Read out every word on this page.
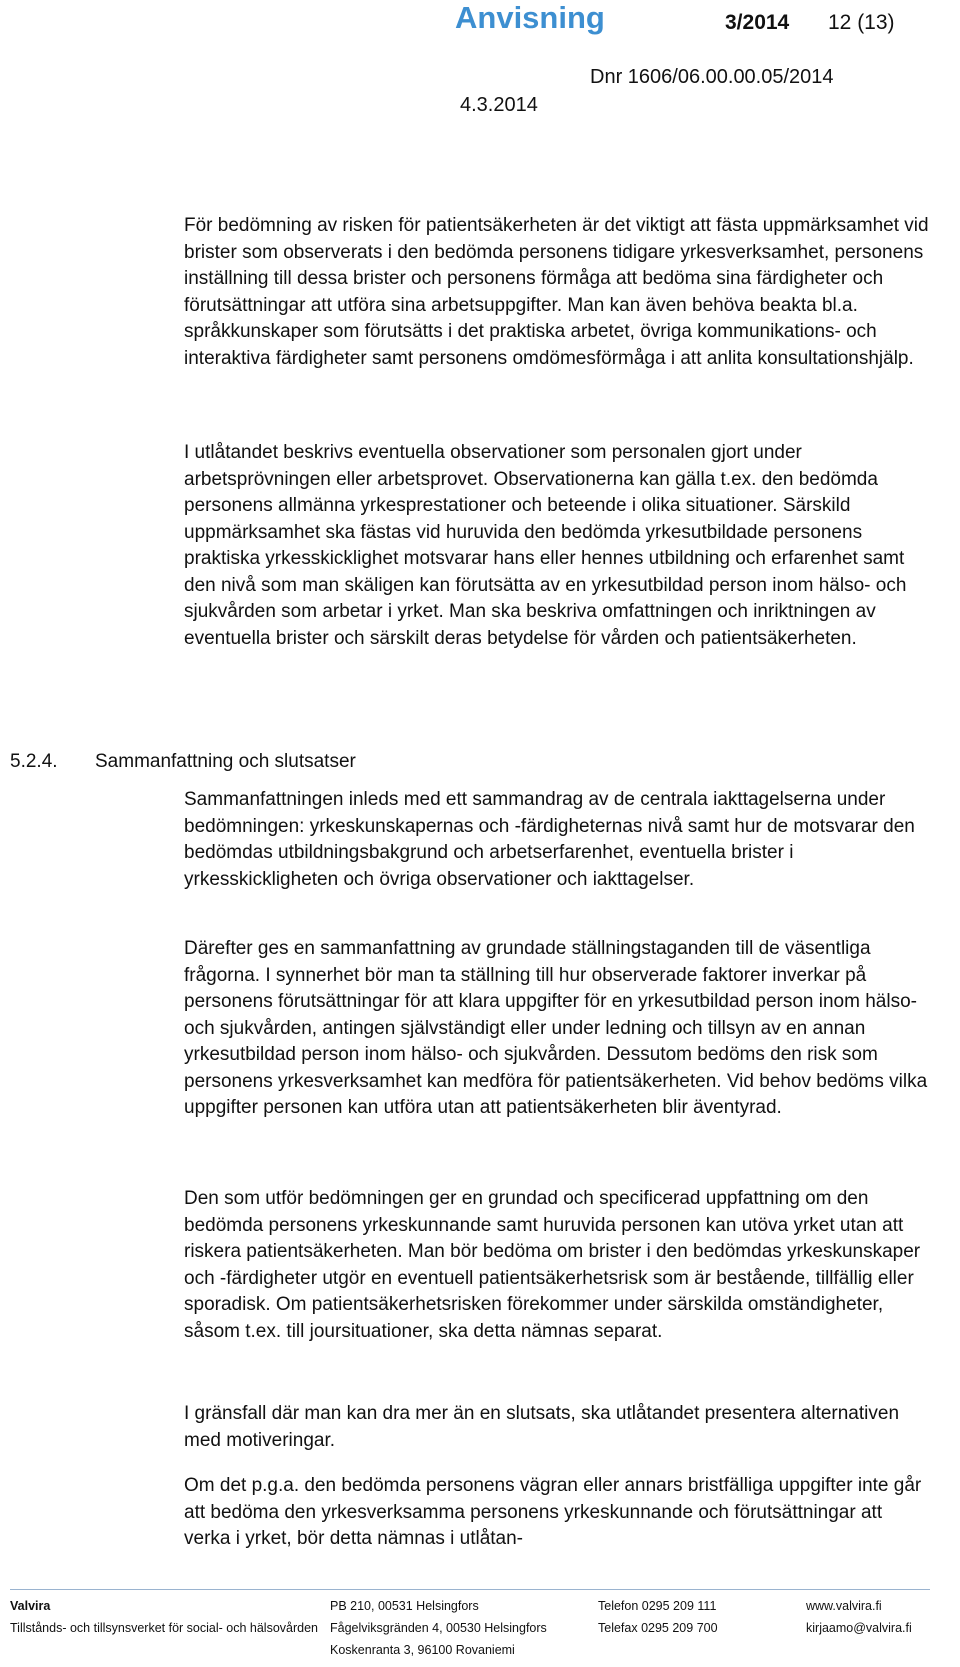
Anvisning	3/2014 12 (13)
Dnr 1606/06.00.00.05/2014
4.3.2014

För bedömning av risken för patientsäkerheten är det viktigt att fästa uppmärksamhet vid brister som observerats i den bedömda personens tidigare yrkesverksamhet, personens inställning till dessa brister och personens förmåga att bedöma sina färdigheter och förutsättningar att utföra sina arbetsuppgifter. Man kan även behöva beakta bl.a. språkkunskaper som förutsätts i det praktiska arbetet, övriga kommunikations- och interaktiva färdigheter samt personens omdömesförmåga i att anlita konsultationshjälp.

I utlåtandet beskrivs eventuella observationer som personalen gjort under arbetsprövningen eller arbetsprovet. Observationerna kan gälla t.ex. den bedömda personens allmänna yrkesprestationer och beteende i olika situationer. Särskild uppmärksamhet ska fästas vid huruvida den bedömda yrkesutbildade personens praktiska yrkesskicklighet motsvarar hans eller hennes utbildning och erfarenhet samt den nivå som man skäligen kan förutsätta av en yrkesutbildad person inom hälso- och sjukvården som arbetar i yrket. Man ska beskriva omfattningen och inriktningen av eventuella brister och särskilt deras betydelse för vården och patientsäkerheten.

5.2.4. Sammanfattning och slutsatser

Sammanfattningen inleds med ett sammandrag av de centrala iakttagelserna under bedömningen: yrkeskunskapernas och -färdigheternas nivå samt hur de motsvarar den bedömdas utbildningsbakgrund och arbetserfarenhet, eventuella brister i yrkesskickligheten och övriga observationer och iakttagelser.

Därefter ges en sammanfattning av grundade ställningstaganden till de väsentliga frågorna. I synnerhet bör man ta ställning till hur observerade faktorer inverkar på personens förutsättningar för att klara uppgifter för en yrkesutbildad person inom hälso- och sjukvården, antingen självständigt eller under ledning och tillsyn av en annan yrkesutbildad person inom hälso- och sjukvården. Dessutom bedöms den risk som personens yrkesverksamhet kan medföra för patientsäkerheten. Vid behov bedöms vilka uppgifter personen kan utföra utan att patientsäkerheten blir äventyrad.

Den som utför bedömningen ger en grundad och specificerad uppfattning om den bedömda personens yrkeskunnande samt huruvida personen kan utöva yrket utan att riskera patientsäkerheten. Man bör bedöma om brister i den bedömdas yrkeskunskaper och -färdigheter utgör en eventuell patientsäkerhetsrisk som är bestående, tillfällig eller sporadisk. Om patientsäkerhetsrisken förekommer under särskilda omständigheter, såsom t.ex. till joursituationer, ska detta nämnas separat.

I gränsfall där man kan dra mer än en slutsats, ska utlåtandet presentera alternativen med motiveringar.

Om det p.g.a. den bedömda personens vägran eller annars bristfälliga uppgifter inte går att bedöma den yrkesverksamma personens yrkeskunnande och förutsättningar att verka i yrket, bör detta nämnas i utlåtan-

Valvira
Tillstånds- och tillsynsverket för social- och hälsovården
PB 210, 00531 Helsingfors
Fågelviksgränden 4, 00530 Helsingfors
Koskenranta 3, 96100 Rovaniemi
Telefon 0295 209 111
Telefax 0295 209 700
www.valvira.fi
kirjaamo@valvira.fi
